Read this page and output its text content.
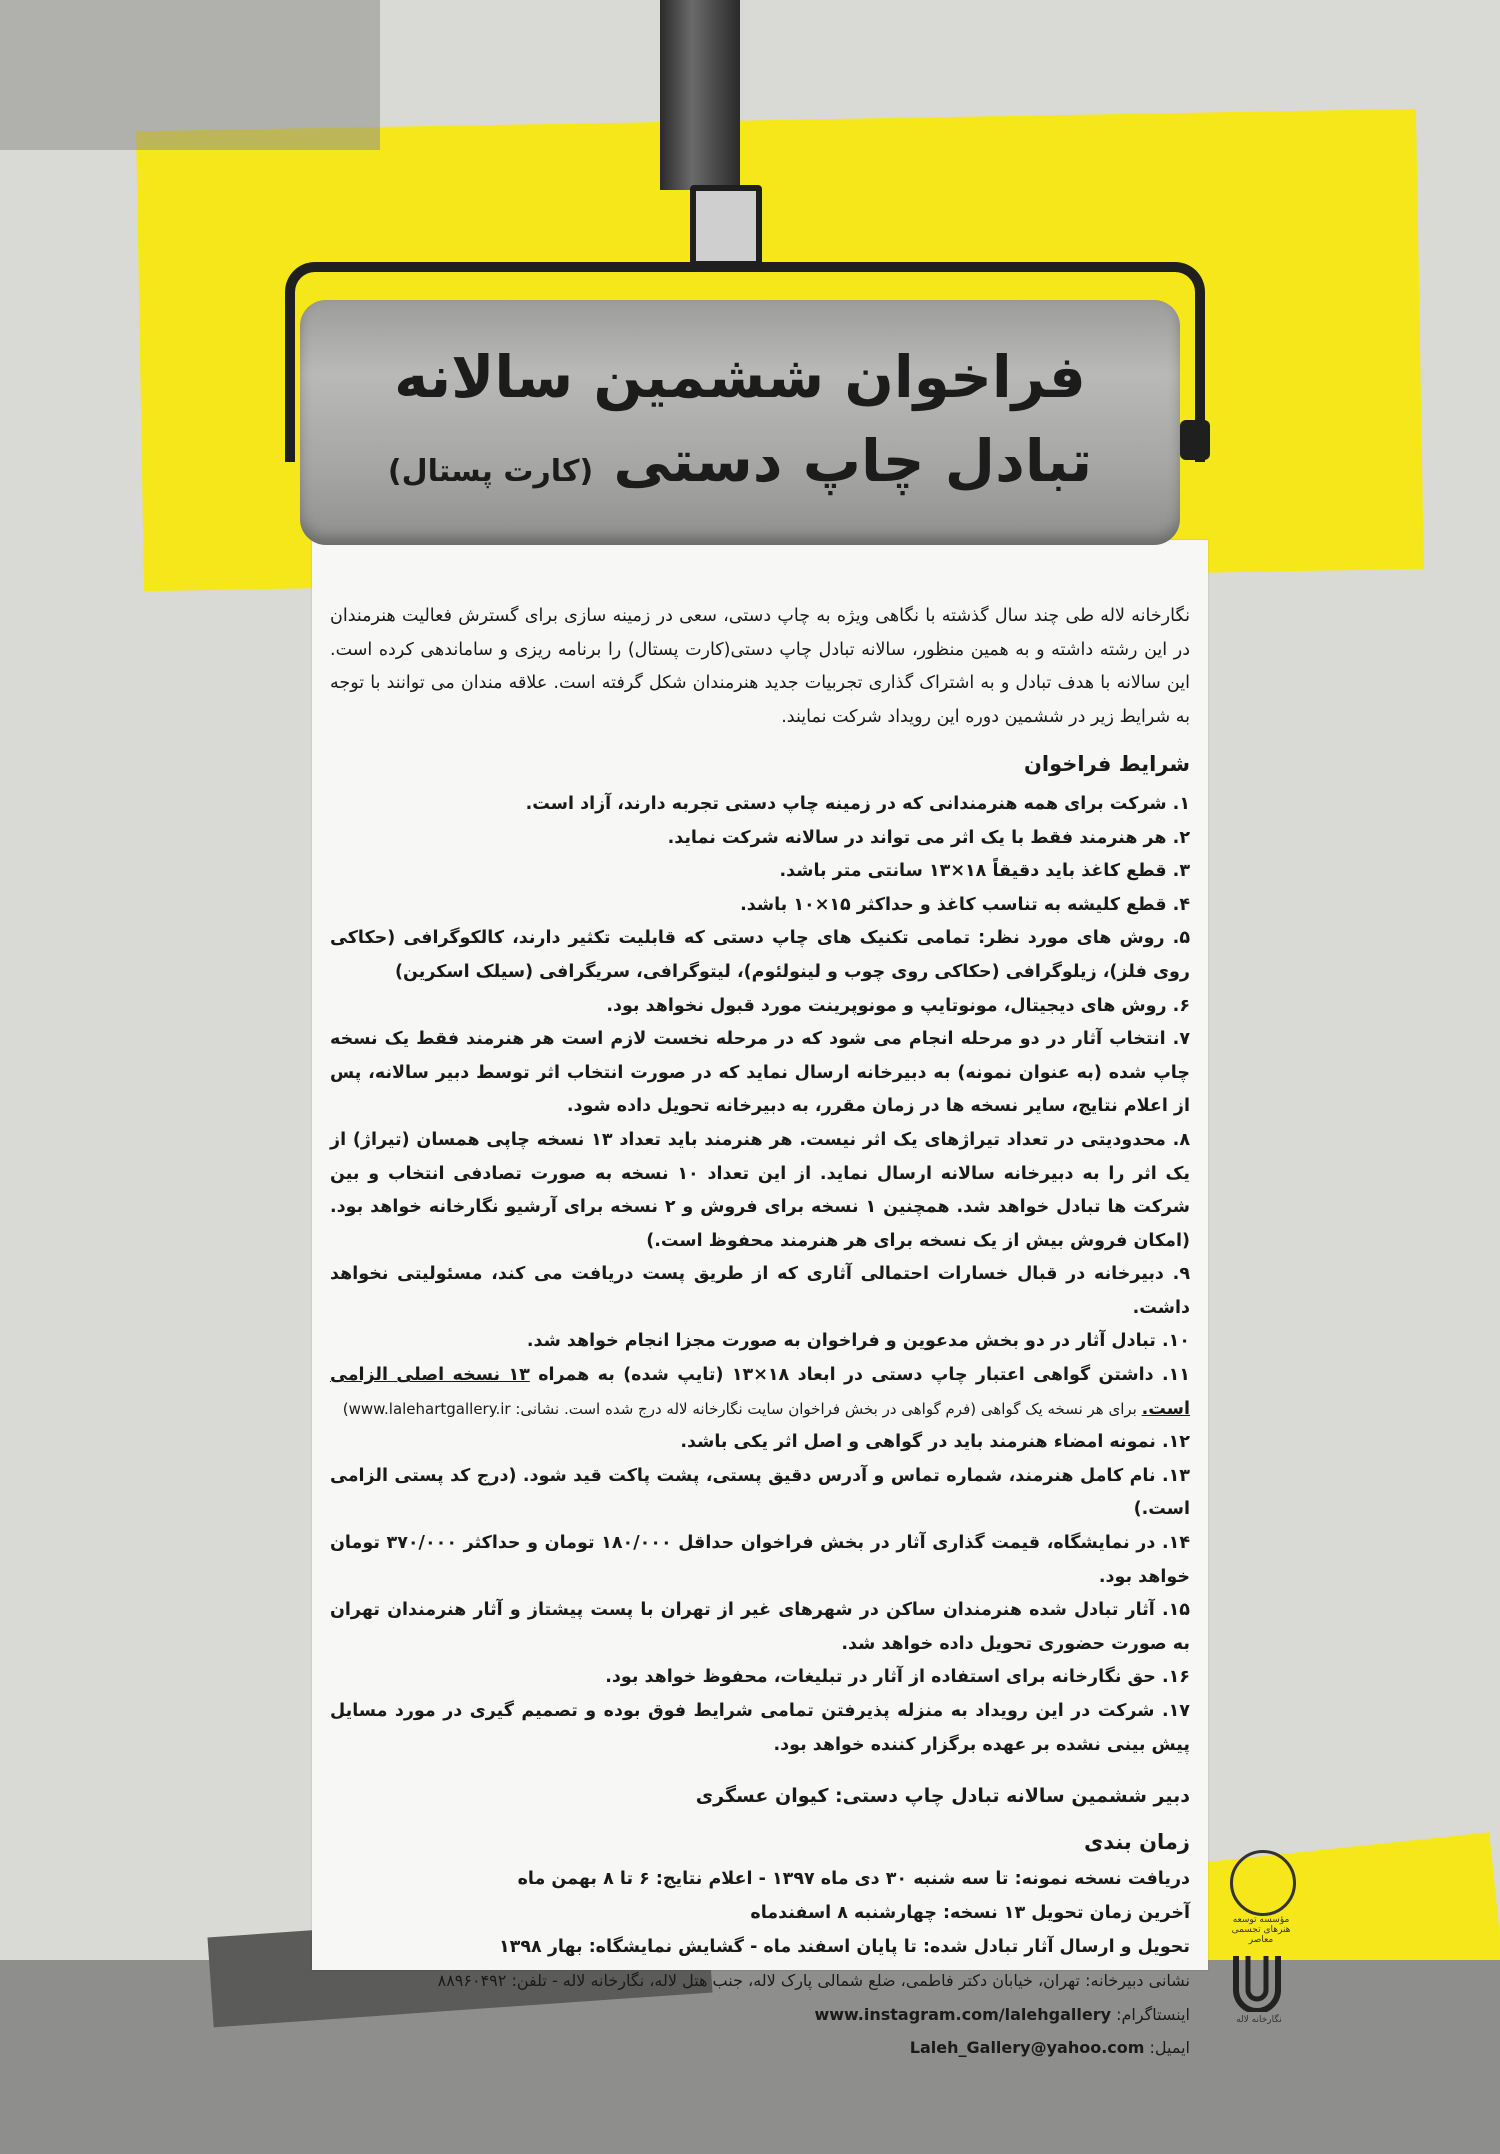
فراخوان ششمین سالانه
تبادل چاپ دستی (کارت پستال)

نگارخانه لاله طی چند سال گذشته با نگاهی ویژه به چاپ دستی، سعی در زمینه سازی برای گسترش فعالیت هنرمندان در این رشته داشته و به همین منظور، سالانه تبادل چاپ دستی(کارت پستال) را برنامه ریزی و ساماندهی کرده است. این سالانه با هدف تبادل و به اشتراک گذاری تجربیات جدید هنرمندان شکل گرفته است. علاقه مندان می توانند با توجه به شرایط زیر در ششمین دوره این رویداد شرکت نمایند.

شرایط فراخوان
۱. شرکت برای همه هنرمندانی که در زمینه چاپ دستی تجربه دارند، آزاد است.
۲. هر هنرمند فقط با یک اثر می تواند در سالانه شرکت نماید.
۳. قطع کاغذ باید دقیقاً ۱۸×۱۳ سانتی متر باشد.
۴. قطع کلیشه به تناسب کاغذ و حداکثر ۱۵×۱۰ باشد.
۵. روش های مورد نظر: تمامی تکنیک های چاپ دستی که قابلیت تکثیر دارند، کالکوگرافی (حکاکی روی فلز)، زیلوگرافی (حکاکی روی چوب و لینولئوم)، لیتوگرافی، سریگرافی (سیلک اسکرین)
۶. روش های دیجیتال، مونوتایپ و مونوپرینت مورد قبول نخواهد بود.
۷. انتخاب آثار در دو مرحله انجام می شود که در مرحله نخست لازم است هر هنرمند فقط یک نسخه چاپ شده (به عنوان نمونه) به دبیرخانه ارسال نماید که در صورت انتخاب اثر توسط دبیر سالانه، پس از اعلام نتایج، سایر نسخه ها در زمان مقرر، به دبیرخانه تحویل داده شود.
۸. محدودیتی در تعداد تیراژهای یک اثر نیست. هر هنرمند باید تعداد ۱۳ نسخه چاپی همسان (تیراژ) از یک اثر را به دبیرخانه سالانه ارسال نماید. از این تعداد ۱۰ نسخه به صورت تصادفی انتخاب و بین شرکت ها تبادل خواهد شد. همچنین ۱ نسخه برای فروش و ۲ نسخه برای آرشیو نگارخانه خواهد بود. (امکان فروش بیش از یک نسخه برای هر هنرمند محفوظ است.)
۹. دبیرخانه در قبال خسارات احتمالی آثاری که از طریق پست دریافت می کند، مسئولیتی نخواهد داشت.
۱۰. تبادل آثار در دو بخش مدعوین و فراخوان به صورت مجزا انجام خواهد شد.
۱۱. داشتن گواهی اعتبار چاپ دستی در ابعاد ۱۸×۱۳ (تایپ شده) به همراه ۱۳ نسخه اصلی الزامی است. برای هر نسخه یک گواهی (فرم گواهی در بخش فراخوان سایت نگارخانه لاله درج شده است. نشانی: www.lalehartgallery.ir)
۱۲. نمونه امضاء هنرمند باید در گواهی و اصل اثر یکی باشد.
۱۳. نام کامل هنرمند، شماره تماس و آدرس دقیق پستی، پشت پاکت قید شود. (درج کد پستی الزامی است.)
۱۴. در نمایشگاه، قیمت گذاری آثار در بخش فراخوان حداقل ۱۸۰/۰۰۰ تومان و حداکثر ۳۷۰/۰۰۰ تومان خواهد بود.
۱۵. آثار تبادل شده هنرمندان ساکن در شهرهای غیر از تهران با پست پیشتاز و آثار هنرمندان تهران به صورت حضوری تحویل داده خواهد شد.
۱۶. حق نگارخانه برای استفاده از آثار در تبلیغات، محفوظ خواهد بود.
۱۷. شرکت در این رویداد به منزله پذیرفتن تمامی شرایط فوق بوده و تصمیم گیری در مورد مسایل پیش بینی نشده بر عهده برگزار کننده خواهد بود.
دبیر ششمین سالانه تبادل چاپ دستی: کیوان عسگری
زمان بندی

دریافت نسخه نمونه: تا سه شنبه ۳۰ دی ماه ۱۳۹۷ - اعلام نتایج: ۶ تا ۸ بهمن ماه

آخرین زمان تحویل ۱۳ نسخه: چهارشنبه ۸ اسفندماه

تحویل و ارسال آثار تبادل شده: تا پایان اسفند ماه - گشایش نمایشگاه: بهار ۱۳۹۸

نشانی دبیرخانه: تهران، خیابان دکتر فاطمی، ضلع شمالی پارک لاله، جنب هتل لاله، نگارخانه لاله - تلفن: ۸۸۹۶۰۴۹۲

اینستاگرام: www.instagram.com/lalehgallery

ایمیل: Laleh_Gallery@yahoo.com

مؤسسه توسعه هنرهای تجسمی معاصر
نگارخانه لاله
